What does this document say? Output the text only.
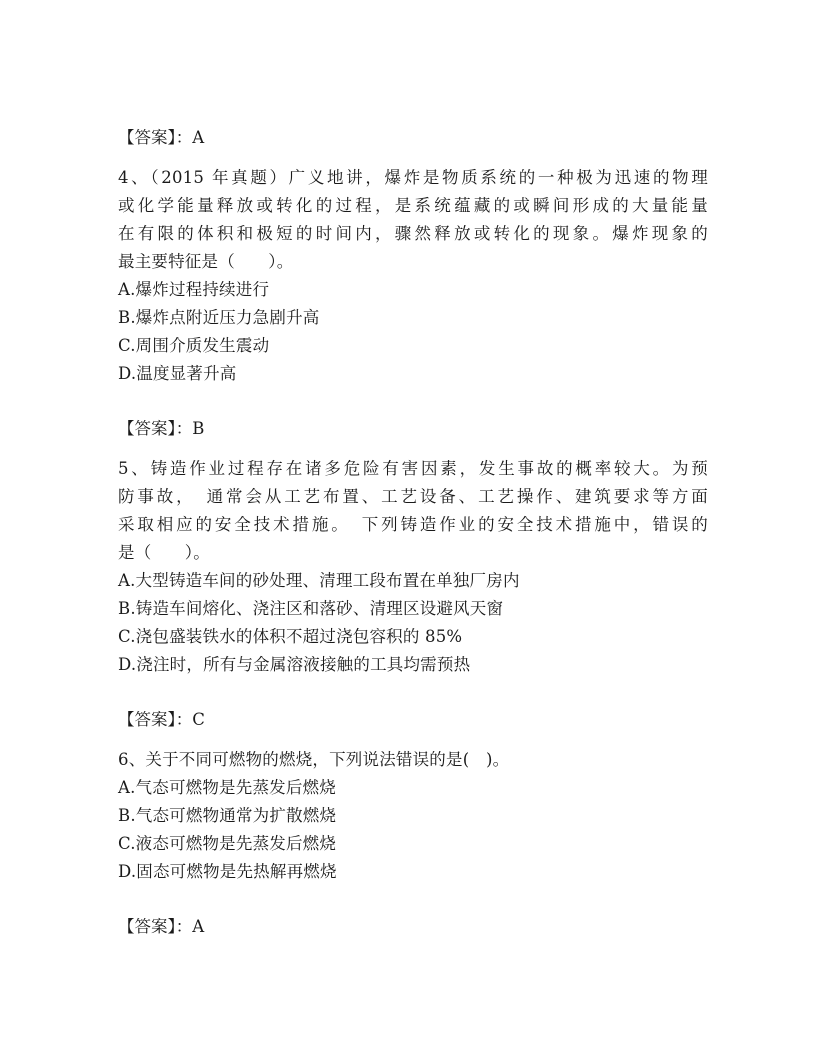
【答案】：A
4、（2015 年真题）广义地讲，爆炸是物质系统的一种极为迅速的物理
或化学能量释放或转化的过程，是系统蕴藏的或瞬间形成的大量能量
在有限的体积和极短的时间内，骤然释放或转化的现象。爆炸现象的
最主要特征是（　　）。
A.爆炸过程持续进行
B.爆炸点附近压力急剧升高
C.周围介质发生震动
D.温度显著升高
【答案】：B
5、铸造作业过程存在诸多危险有害因素，发生事故的概率较大。为预
防事故，　通常会从工艺布置、工艺设备、工艺操作、建筑要求等方面
采取相应的安全技术措施。　下列铸造作业的安全技术措施中，错误的
是（　　）。
A.大型铸造车间的砂处理、清理工段布置在单独厂房内
B.铸造车间熔化、浇注区和落砂、清理区设避风天窗
C.浇包盛装铁水的体积不超过浇包容积的 85%
D.浇注时，所有与金属溶液接触的工具均需预热
【答案】：C
6、关于不同可燃物的燃烧，下列说法错误的是(　)。
A.气态可燃物是先蒸发后燃烧
B.气态可燃物通常为扩散燃烧
C.液态可燃物是先蒸发后燃烧
D.固态可燃物是先热解再燃烧
【答案】：A
